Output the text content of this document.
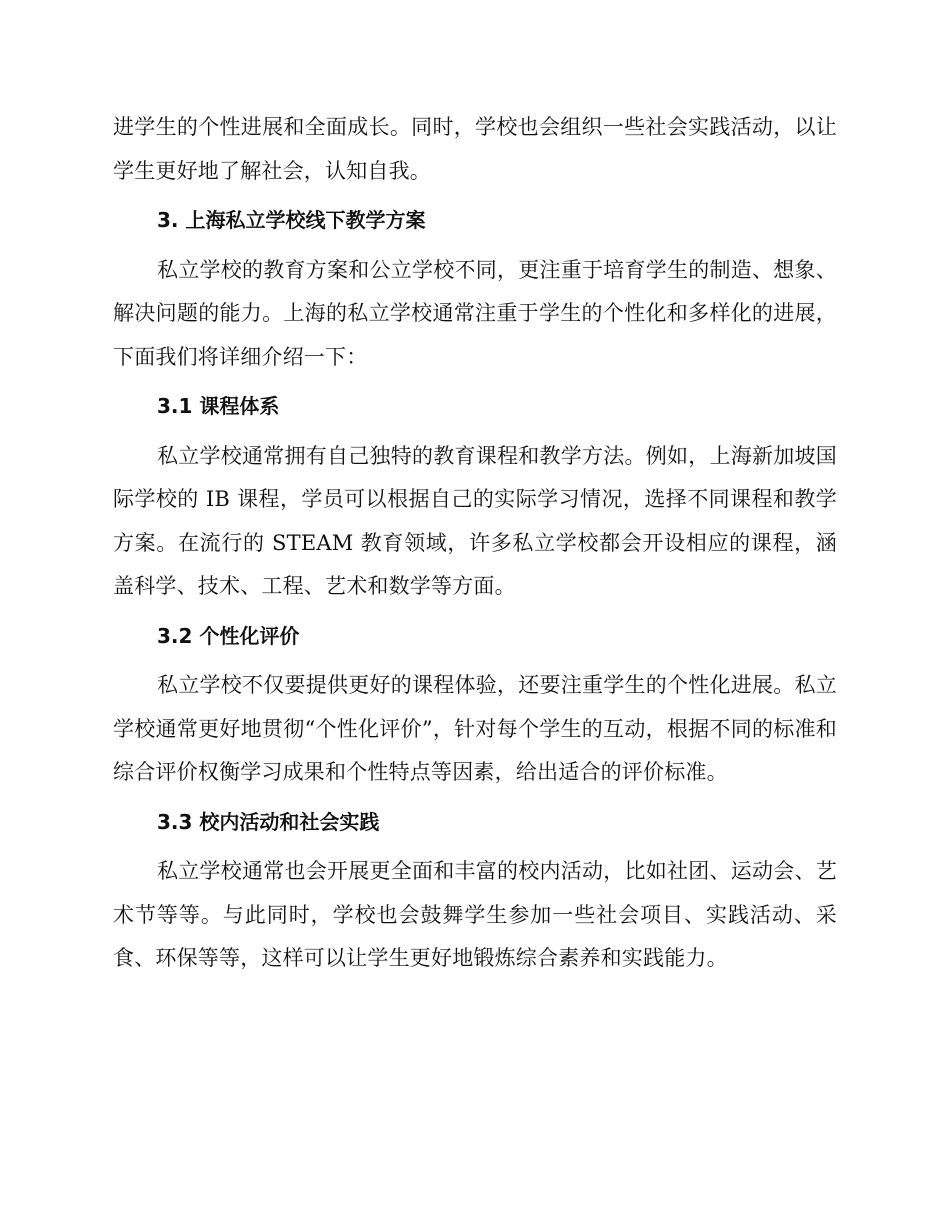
进学生的个性进展和全面成长。同时，学校也会组织一些社会实践活动，以让学生更好地了解社会，认知自我。

3. 上海私立学校线下教学方案

私立学校的教育方案和公立学校不同，更注重于培育学生的制造、想象、解决问题的能力。上海的私立学校通常注重于学生的个性化和多样化的进展，下面我们将详细介绍一下：

3.1 课程体系

私立学校通常拥有自己独特的教育课程和教学方法。例如，上海新加坡国际学校的 IB 课程，学员可以根据自己的实际学习情况，选择不同课程和教学方案。在流行的 STEAM 教育领域，许多私立学校都会开设相应的课程，涵盖科学、技术、工程、艺术和数学等方面。

3.2 个性化评价

私立学校不仅要提供更好的课程体验，还要注重学生的个性化进展。私立学校通常更好地贯彻“个性化评价”，针对每个学生的互动，根据不同的标准和综合评价权衡学习成果和个性特点等因素，给出适合的评价标准。

3.3 校内活动和社会实践

私立学校通常也会开展更全面和丰富的校内活动，比如社团、运动会、艺术节等等。与此同时，学校也会鼓舞学生参加一些社会项目、实践活动、采食、环保等等，这样可以让学生更好地锻炼综合素养和实践能力。
